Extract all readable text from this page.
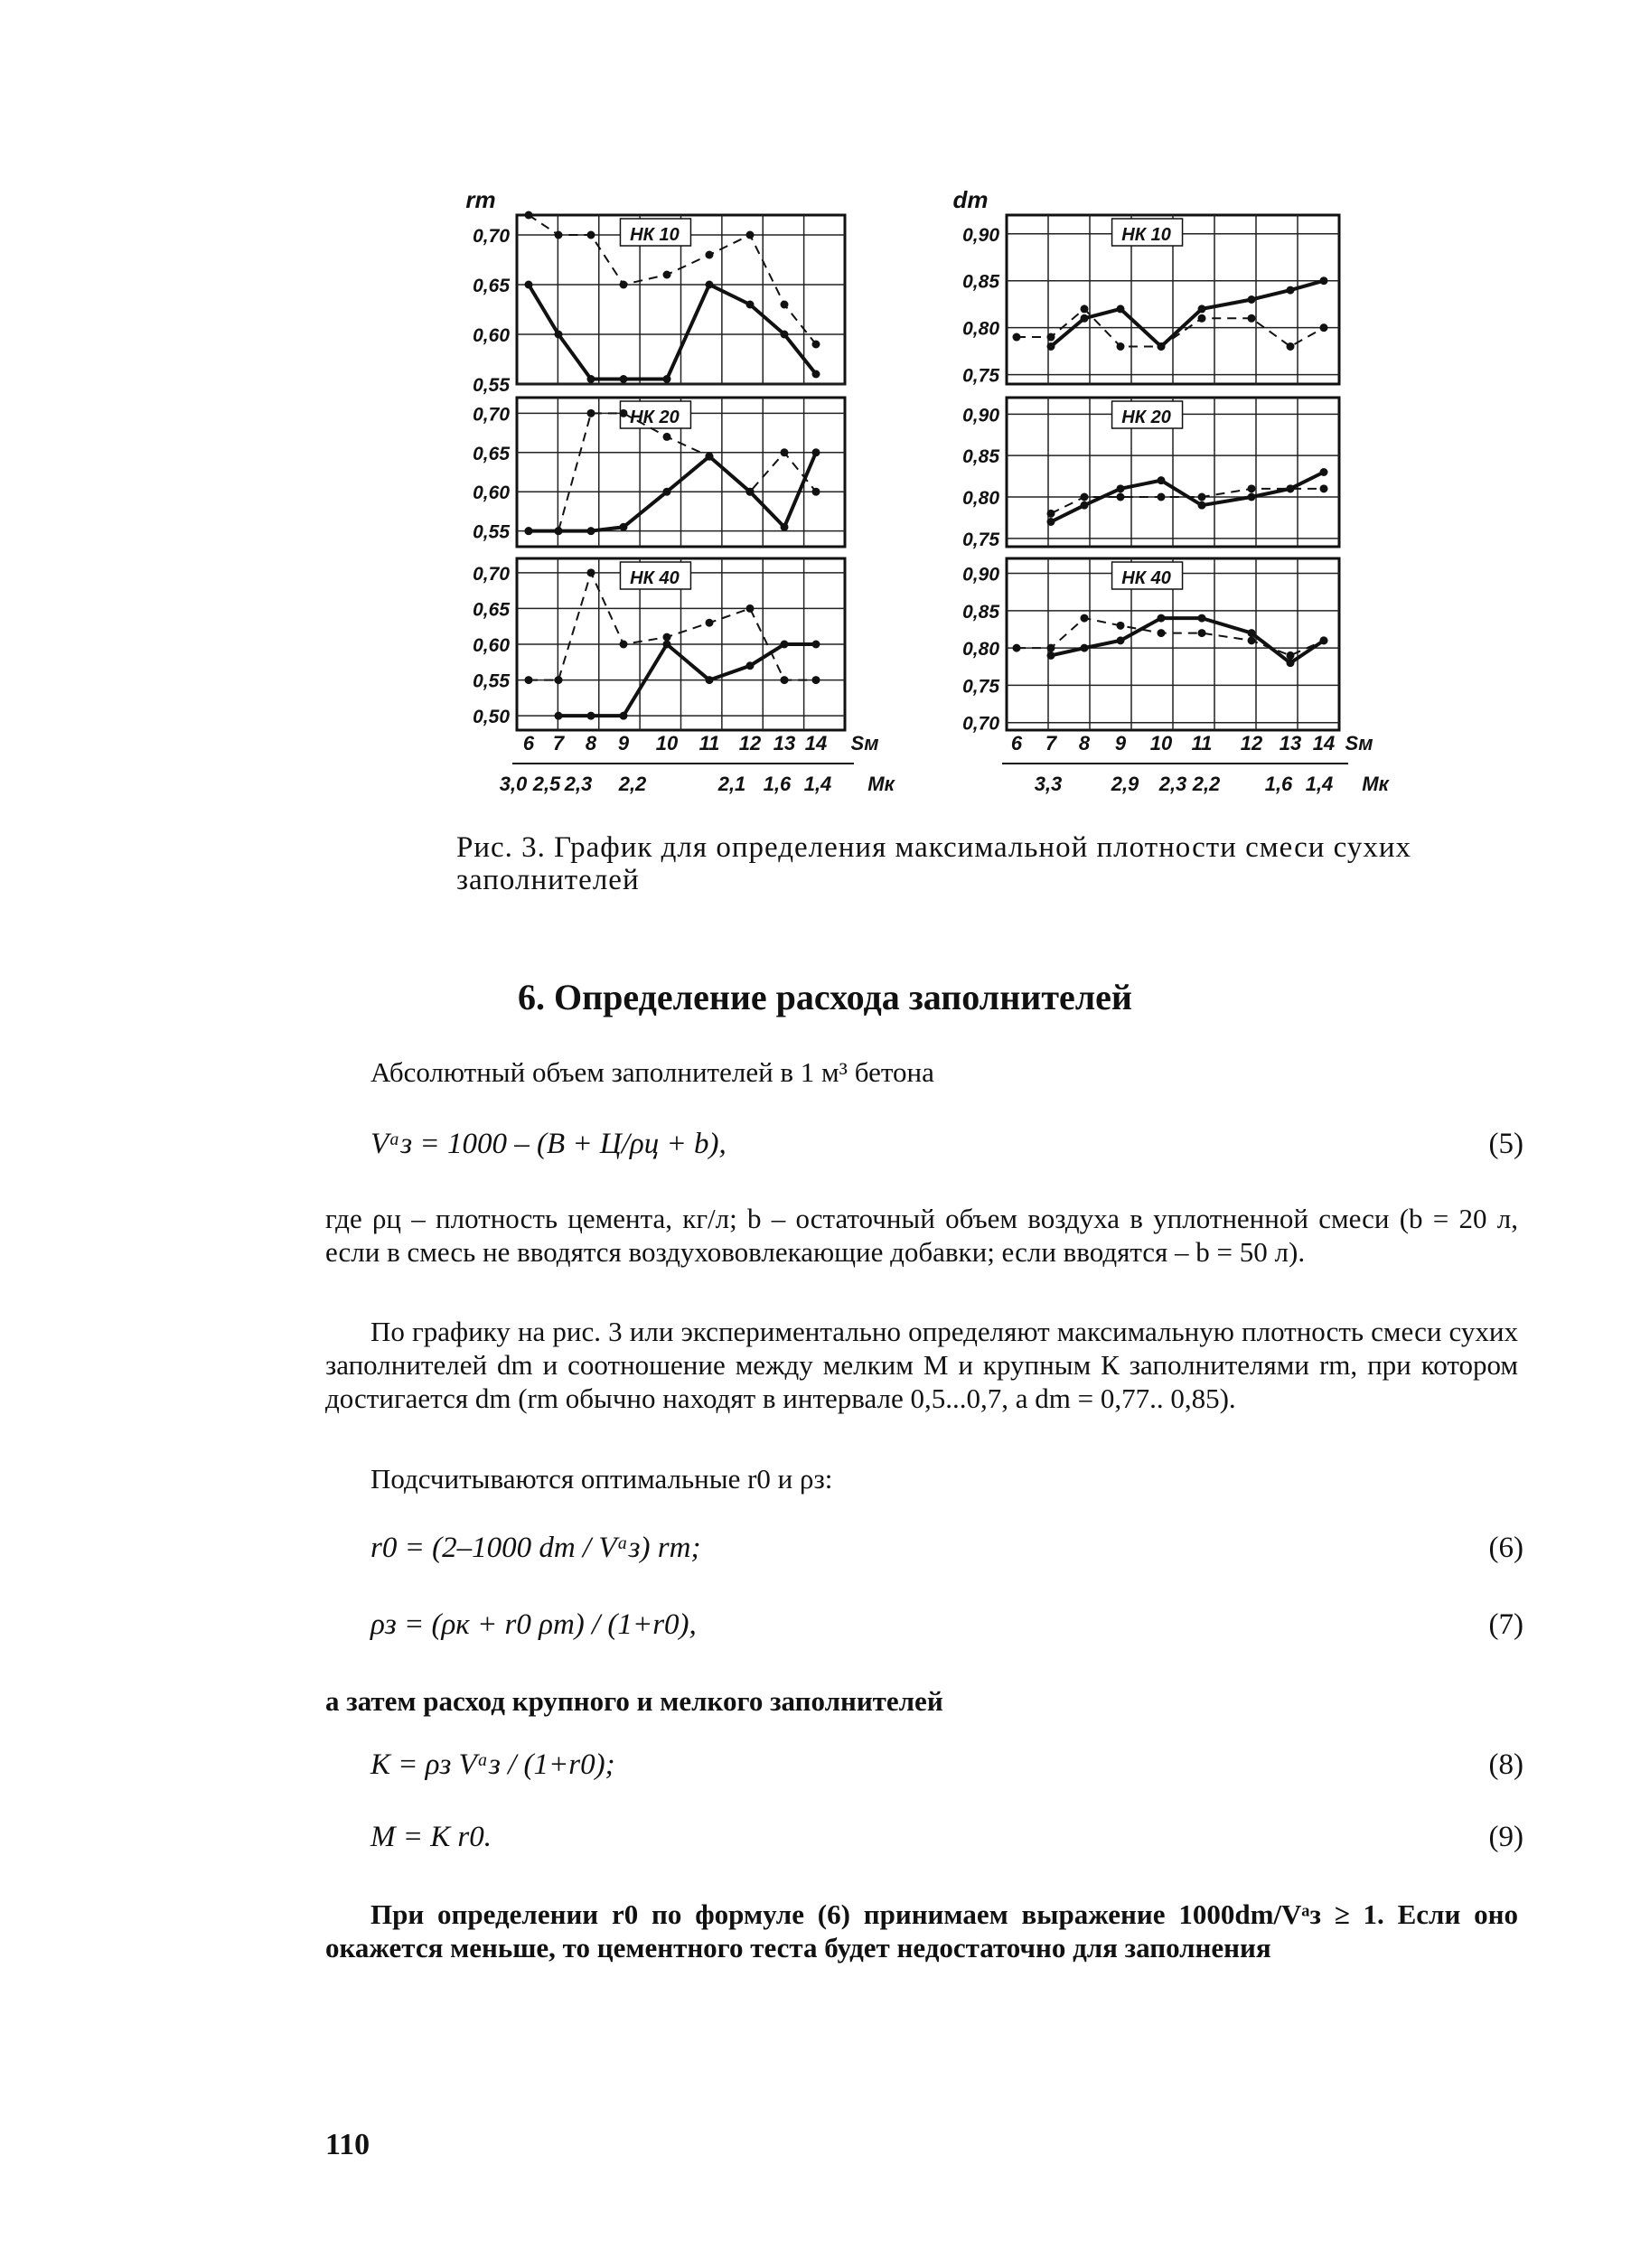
0,70
0,65
0,60
0,55
НК 10
0,70
0,65
0,60
0,55
НК 20
0,70
0,65
0,60
0,55
0,50
НК 40
0,90
0,85
0,80
0,75
НК 10
0,90
0,85
0,80
0,75
НК 20
0,90
0,85
0,80
0,75
0,70
НК 40
rm
6 7 8 9 10 11 12 13 14 Sм
3,0 2,5 2,3 2,2	2,1 1,6 1,4 Мк
dm
6 7 8 9 10 11 12 13 14 Sм
3,3 2,9 2,3 2,2 1,6 1,4 Мк
Рис. 3. График для определения максимальной плотности смеси сухих заполнителей
6. Определение расхода заполнителей
Абсолютный объем заполнителей в 1 м³ бетона
Vᵃз = 1000 – (В + Ц/ρц + b),	(5)
где ρц – плотность цемента, кг/л; b – остаточный объем воздуха в уплотненной смеси (b = 20 л, если в смесь не вводятся воздухововлекающие добавки; если вводятся – b = 50 л).
По графику на рис. 3 или экспериментально определяют максимальную плотность смеси сухих заполнителей dm и соотношение между мелким М и крупным К заполнителями rm, при котором достигается dm (rm обычно находят в интервале 0,5...0,7, а dm = 0,77.. 0,85).
Подсчитываются оптимальные r0 и ρз:
r0 = (2–1000 dm / Vᵃз) rm;	(6)
ρз = (ρк + r0 ρm) / (1+r0),	(7)
а затем расход крупного и мелкого заполнителей
К = ρз Vᵃз / (1+r0);	(8)
М = К r0.	(9)
При определении r0 по формуле (6) принимаем выражение 1000dm/Vᵃз ≥ 1. Если оно окажется меньше, то цементного теста будет недостаточно для заполнения
110
